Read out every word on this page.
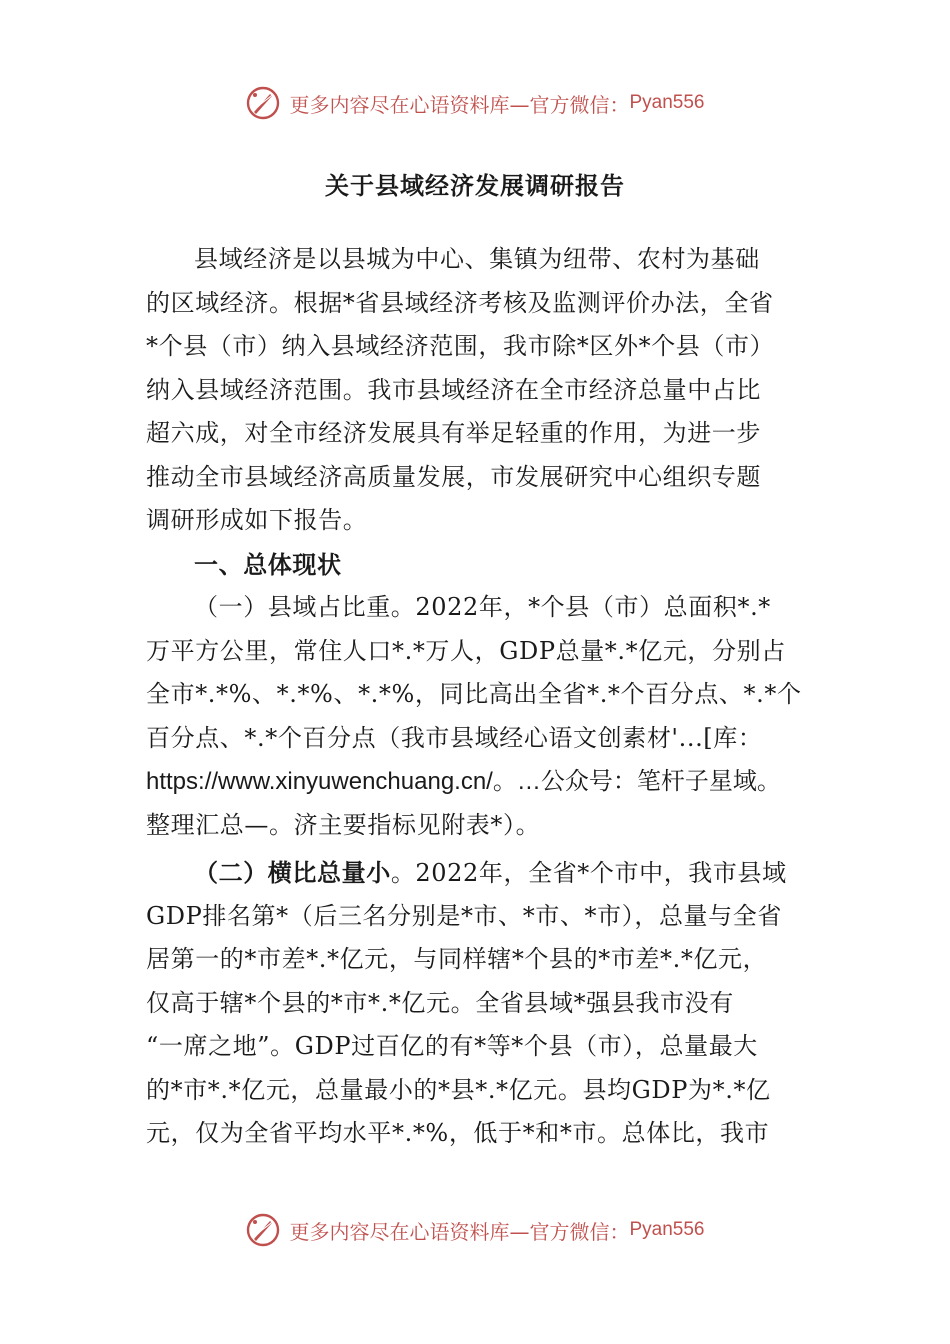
更多内容尽在心语资料库—官方微信： Pyan556
关于县域经济发展调研报告
县域经济是以县城为中心、集镇为纽带、农村为基础
的区域经济。根据*省县域经济考核及监测评价办法，全省
*个县（市）纳入县域经济范围，我市除*区外*个县（市）
纳入县域经济范围。我市县域经济在全市经济总量中占比
超六成，对全市经济发展具有举足轻重的作用，为进一步
推动全市县域经济高质量发展，市发展研究中心组织专题
调研形成如下报告。
一、总体现状
（一）县域占比重。2022年，*个县（市）总面积*.*
万平方公里，常住人口*.*万人，GDP总量*.*亿元，分别占
全市*.*%、*.*%、*.*%，同比高出全省*.*个百分点、*.*个
百分点、*.*个百分点（我市县域经心语文创素材'...[库：
https://www.xinyuwenchuang.cn/。…公众号：笔杆子星域。
整理汇总—。济主要指标见附表*）。
（二）横比总量小。2022年，全省*个市中，我市县域
GDP排名第*（后三名分别是*市、*市、*市），总量与全省
居第一的*市差*.*亿元，与同样辖*个县的*市差*.*亿元，
仅高于辖*个县的*市*.*亿元。全省县域*强县我市没有
“一席之地”。GDP过百亿的有*等*个县（市），总量最大
的*市*.*亿元，总量最小的*县*.*亿元。县均GDP为*.*亿
元，仅为全省平均水平*.*%，低于*和*市。总体比，我市
更多内容尽在心语资料库—官方微信： Pyan556
